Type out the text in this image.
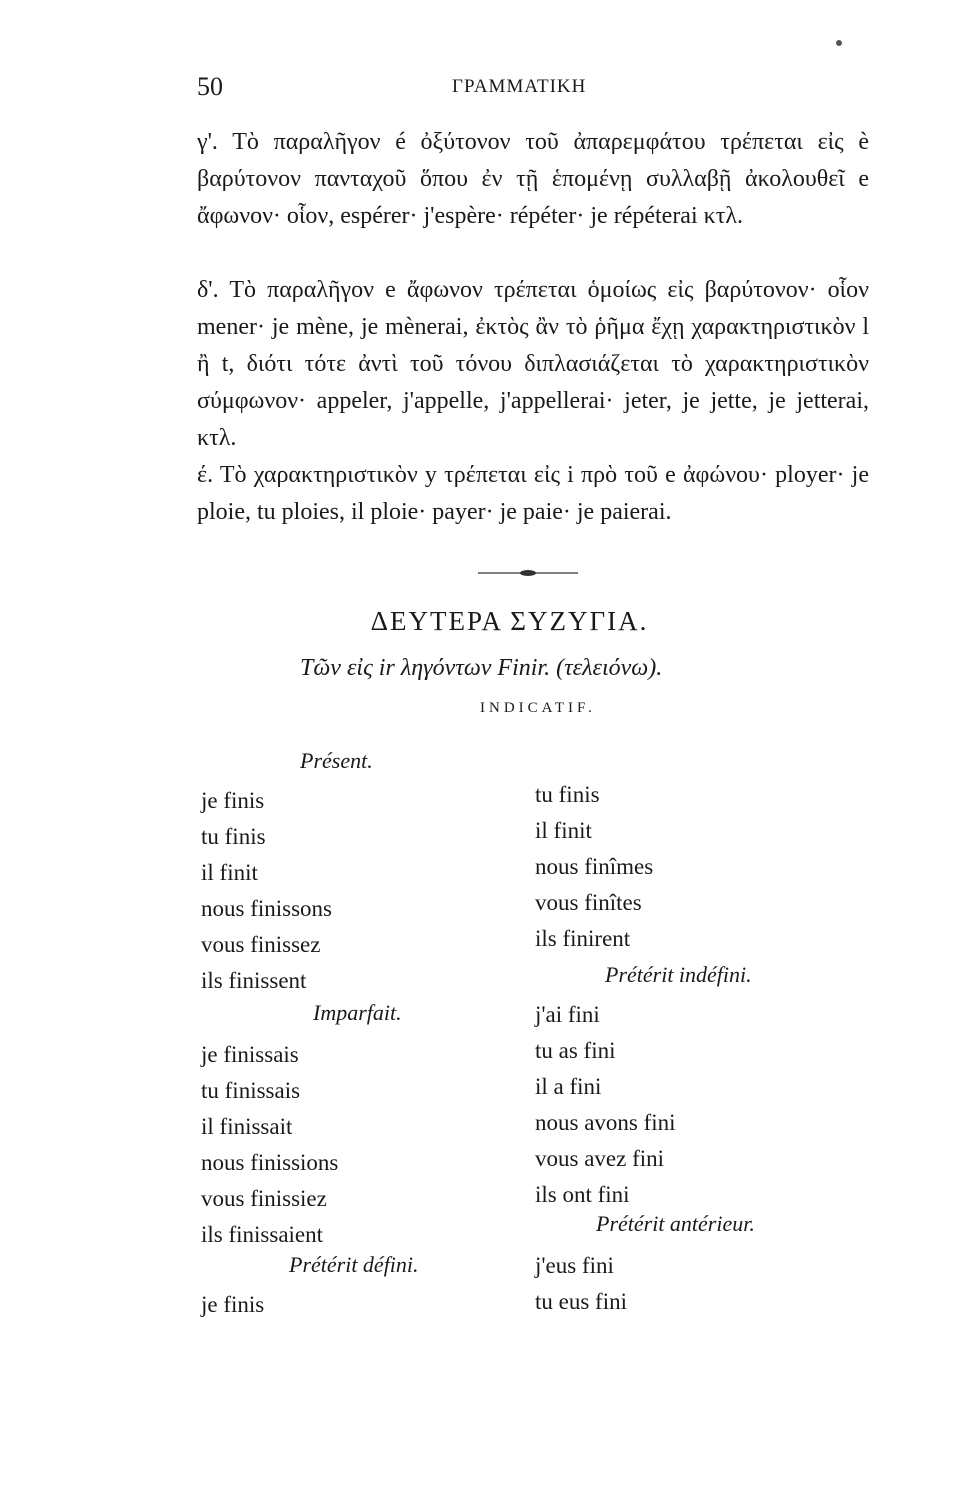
50	ΓΡΑΜΜΑΤΙΚΗ
γ'. Τὸ παραλῆγον é ὀξύτονον τοῦ ἀπαρεμφάτου τρέπεται εἰς è βαρύτονον πανταχοῦ ὅπου ἐν τῇ ἑπομένῃ συλλαβῇ ἀκολουθεῖ e ἄφωνον· οἷον, espérer· j'espère· répéter· je répéterai κτλ.
δ'. Τὸ παραλῆγον e ἄφωνον τρέπεται ὁμοίως εἰς βαρύτονον· οἷον mener· je mène, je mènerai, ἐκτὸς ἂν τὸ ῥῆμα ἔχῃ χαρακτηριστικὸν l ἢ t, διότι τότε ἀντὶ τοῦ τόνου διπλασιάζεται τὸ χαρακτηριστικὸν σύμφωνον· appeler, j'appelle, j'appellerai· jeter, je jette, je jetterai, κτλ.
έ. Τὸ χαρακτηριστικὸν y τρέπεται εἰς i πρὸ τοῦ e ἀφώνου· ployer· je ploie, tu ploies, il ploie· payer· je paie· je paierai.
ΔΕΥΤΕΡΑ ΣΥΖΥΓΙΑ.
Τῶν εἰς ir ληγόντων Finir. (τελειόνω).
INDICATIF.
Présent.
je finis
tu finis
il finit
nous finissons
vous finissez
ils finissent
Imparfait.
je finissais
tu finissais
il finissait
nous finissions
vous finissiez
ils finissaient
Prétérit défini.
je finis
tu finis
il finit
nous finîmes
vous finîtes
ils finirent
Prétérit indéfini.
j'ai fini
tu as fini
il a fini
nous avons fini
vous avez fini
ils ont fini
Prétérit antérieur.
j'eus fini
tu eus fini
